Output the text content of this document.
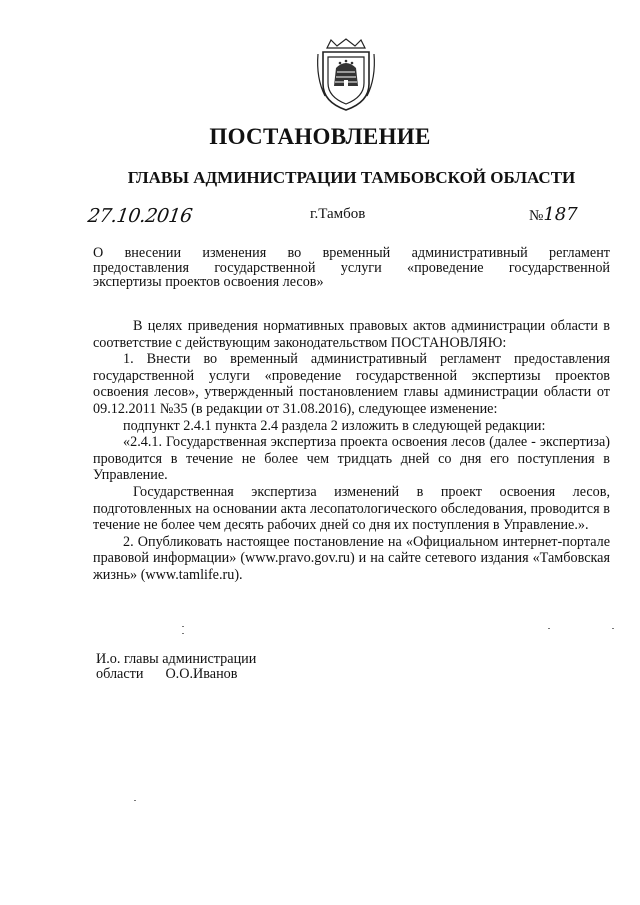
ПОСТАНОВЛЕНИЕ
ГЛАВЫ АДМИНИСТРАЦИИ ТАМБОВСКОЙ ОБЛАСТИ
27.10.2016	г.Тамбов	№187
О внесении изменения во временный административный регламент
предоставления государственной услуги «проведение государственной
экспертизы проектов освоения лесов»

В целях приведения нормативных правовых актов администрации области в соответствие с действующим законодательством ПОСТАНОВЛЯЮ:

1. Внести во временный административный регламент предоставления государственной услуги «проведение государственной экспертизы проектов освоения лесов», утвержденный постановлением главы администрации области от 09.12.2011 №35 (в редакции от 31.08.2016), следующее изменение:

подпункт 2.4.1 пункта 2.4 раздела 2 изложить в следующей редакции:

«2.4.1. Государственная экспертиза проекта освоения лесов (далее - экспертиза) проводится в течение не более чем тридцать дней со дня его поступления в Управление.

Государственная экспертиза изменений в проект освоения лесов, подготовленных на основании акта лесопатологического обследования, проводится в течение не более чем десять рабочих дней со дня их поступления в Управление.».

2. Опубликовать настоящее постановление на «Официальном интернет-портале правовой информации» (www.pravo.gov.ru) и на сайте сетевого издания «Тамбовская жизнь» (www.tamlife.ru).

И.о. главы администрации
области О.О.Иванов
